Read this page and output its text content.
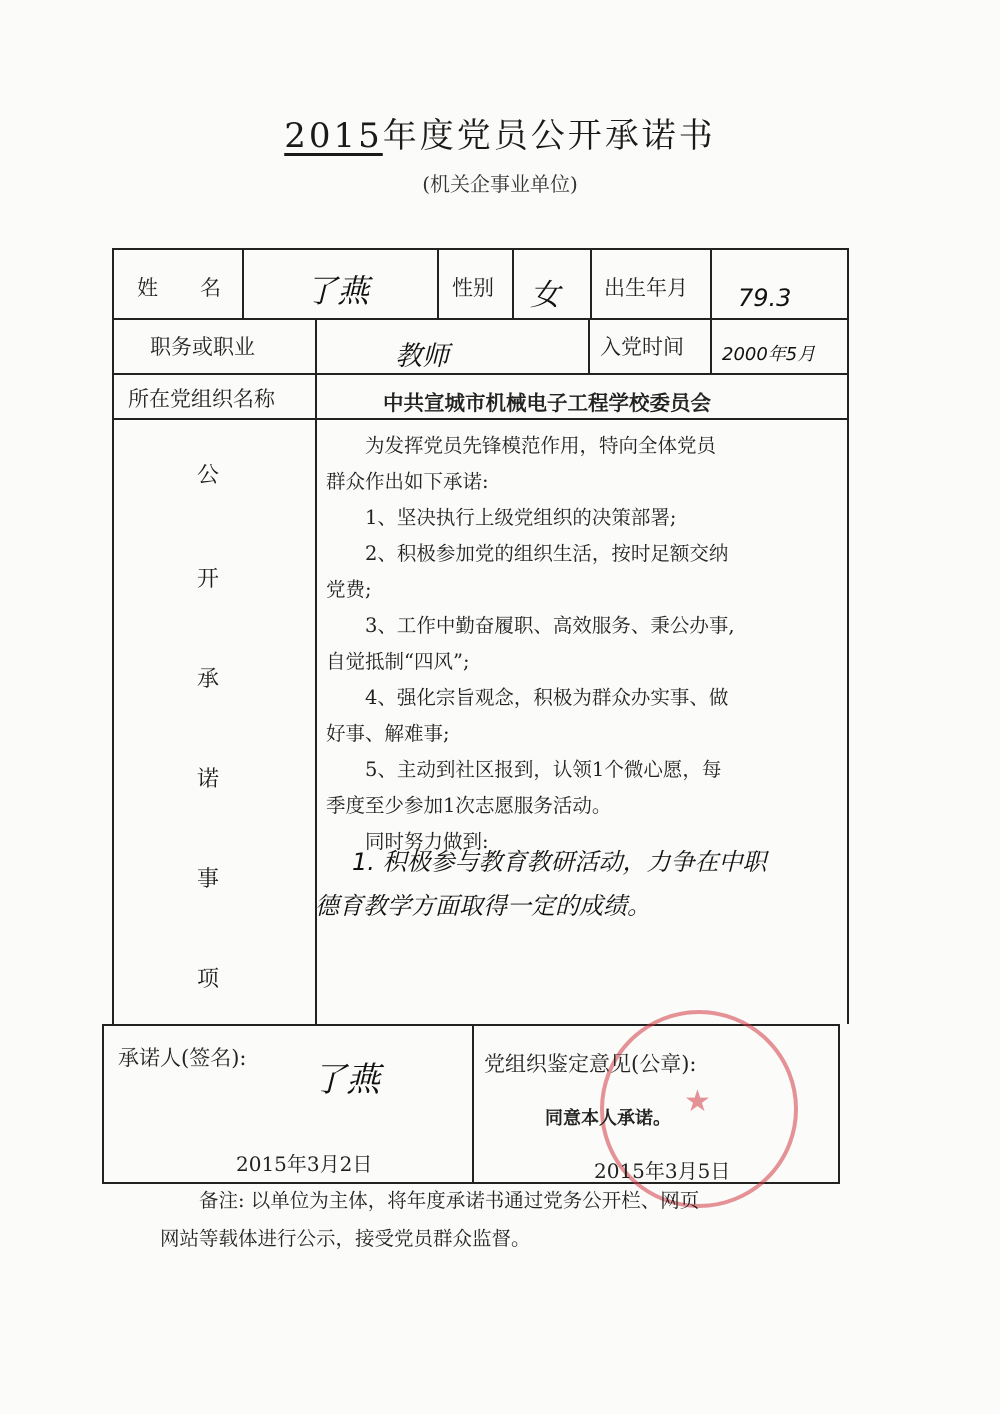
2015年度党员公开承诺书
(机关企事业单位)
姓　　名	了燕	性别 女 出生年月 79.3
职务或职业	教师	入党时间 2000年5月
所在党组织名称	中共宣城市机械电子工程学校委员会
公
开
承
诺
事
项

为发挥党员先锋模范作用，特向全体党员

群众作出如下承诺:

1、坚决执行上级党组织的决策部署;

2、积极参加党的组织生活，按时足额交纳

党费;

3、工作中勤奋履职、高效服务、秉公办事,

自觉抵制“四风”;

4、强化宗旨观念，积极为群众办实事、做

好事、解难事;

5、主动到社区报到，认领1个微心愿，每

季度至少参加1次志愿服务活动。

同时努力做到:

1. 积极参与教育教研活动，力争在中职
德育教学方面取得一定的成绩。
承诺人(签名):
了燕
2015年3月2日
★
党组织鉴定意见(公章):
同意本人承诺。
2015年3月5日
备注: 以单位为主体，将年度承诺书通过党务公开栏、网页
网站等载体进行公示，接受党员群众监督。
